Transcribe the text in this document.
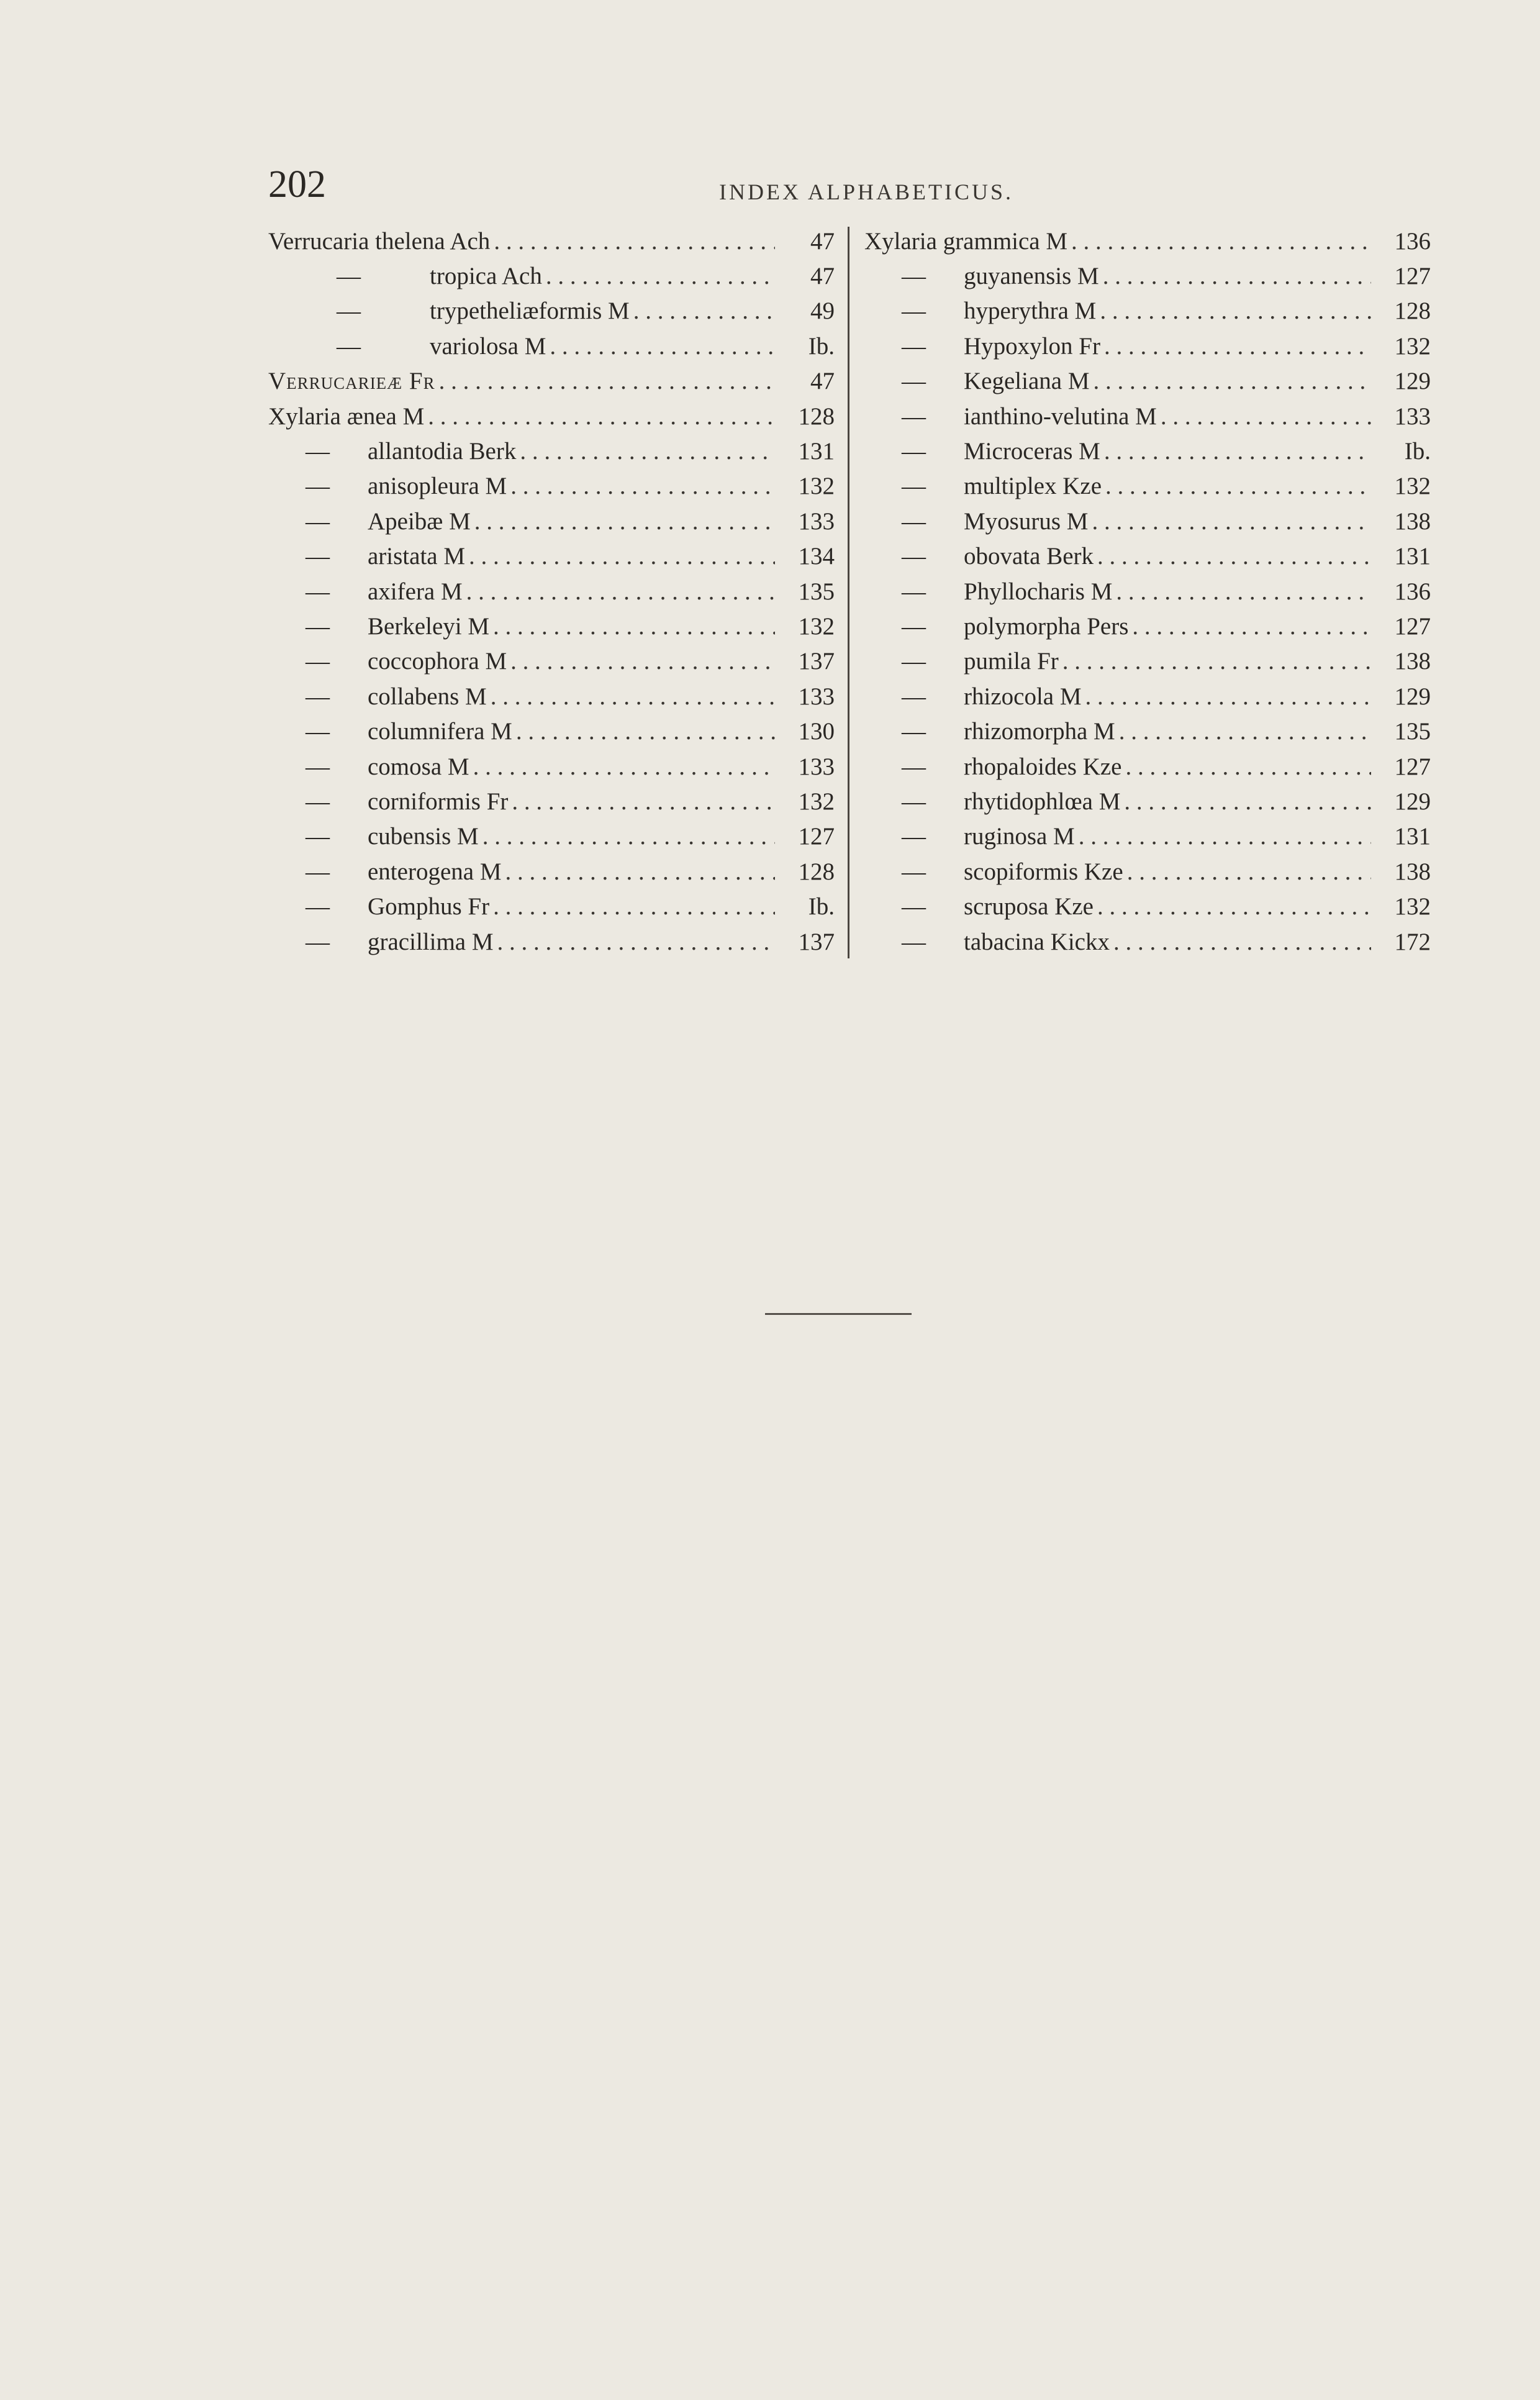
202	INDEX ALPHABETICUS.
Verrucaria thelena Ach . . .	47
—	tropica Ach . . .	47
—	trypetheliæformis M . . .	49
—	variolosa M . . .	Ib.
Verrucarieæ Fr . . .	47
Xylaria ænea M . . .	128
—	allantodia Berk . . .	131
—	anisopleura M . . .	132
—	Apeibæ M . . .	133
—	aristata M . . .	134
—	axifera M . . .	135
—	Berkeleyi M . . .	132
—	coccophora M . . .	137
—	collabens M . . .	133
—	columnifera M . . .	130
—	comosa M . . .	133
—	corniformis Fr . . .	132
—	cubensis M . . .	127
—	enterogena M . . .	128
—	Gomphus Fr . . .	Ib.
—	gracillima M . . .	137
Xylaria grammica M . . .	136
—	guyanensis M . . .	127
—	hyperythra M . . .	128
—	Hypoxylon Fr . . .	132
—	Kegeliana M . . .	129
—	ianthino-velutina M . . .	133
—	Microceras M . . .	Ib.
—	multiplex Kze . . .	132
—	Myosurus M . . .	138
—	obovata Berk . . .	131
—	Phyllocharis M . . .	136
—	polymorpha Pers . . .	127
—	pumila Fr . . .	138
—	rhizocola M . . .	129
—	rhizomorpha M . . .	135
—	rhopaloides Kze . . .	127
—	rhytidophlœa M . . .	129
—	ruginosa M . . .	131
—	scopiformis Kze . . .	138
—	scruposa Kze . . .	132
—	tabacina Kickx . . .	172
